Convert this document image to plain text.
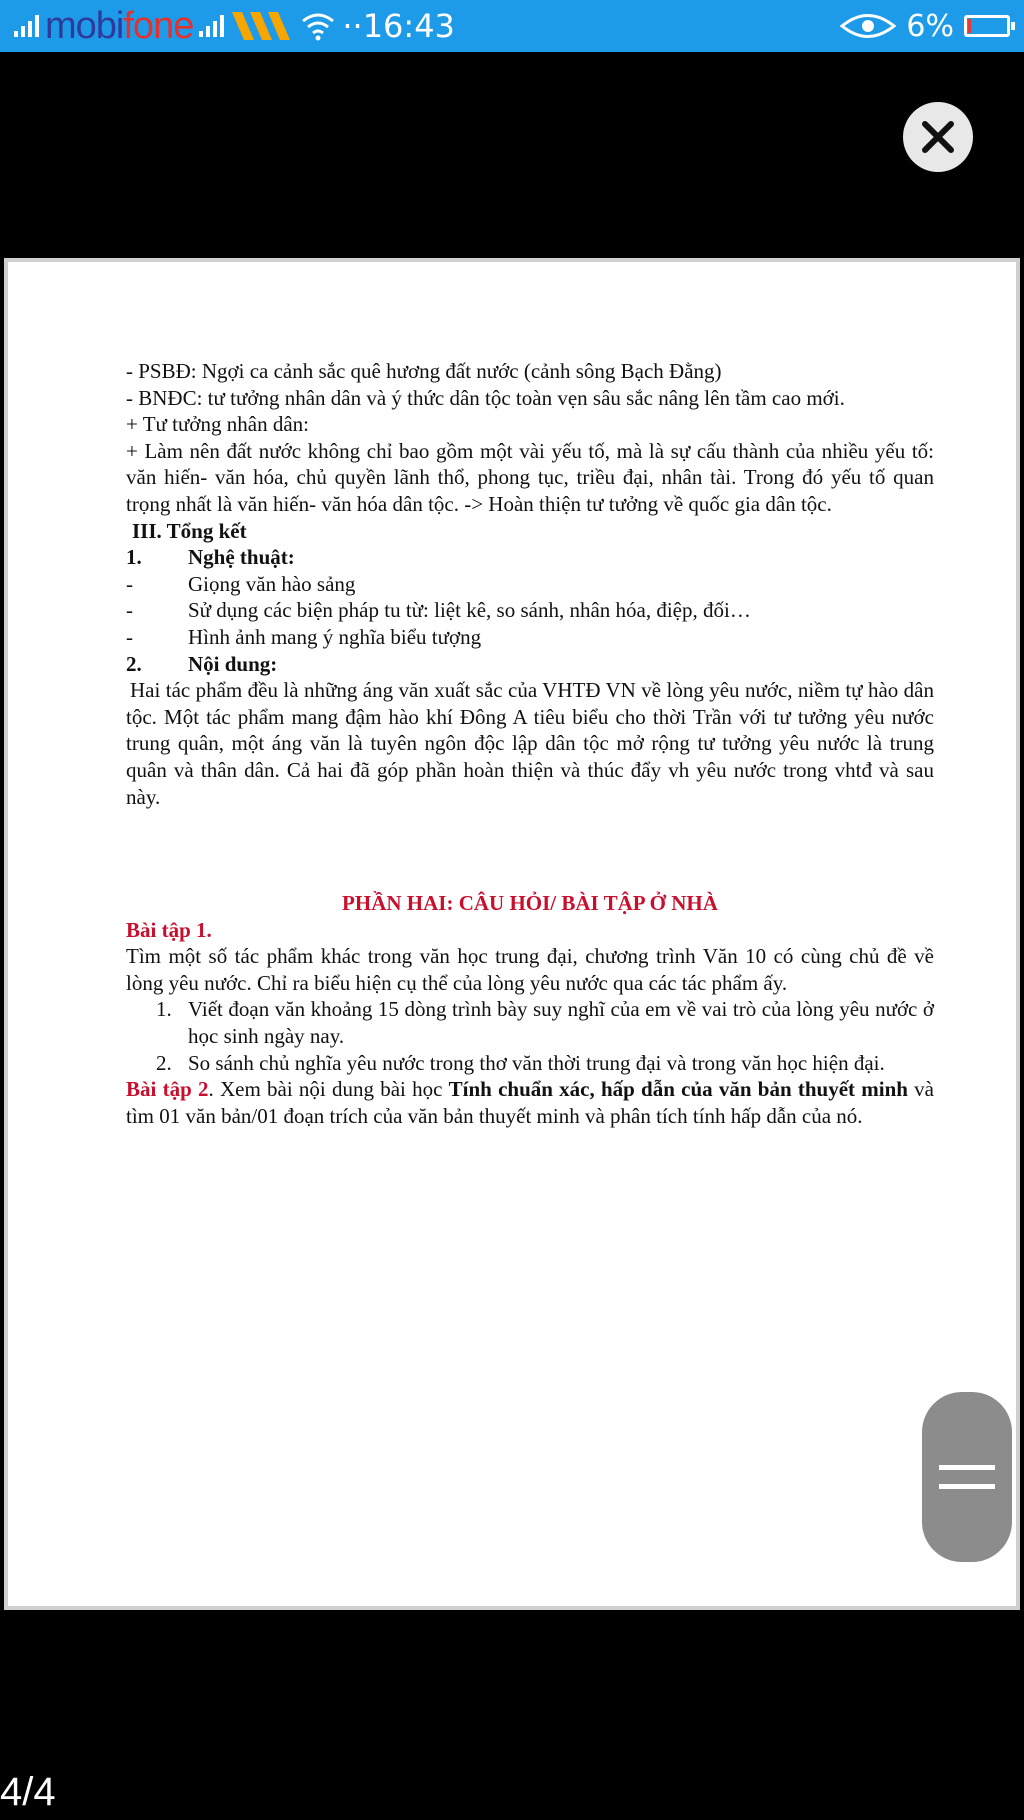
mobifone	··16:43	6%

- PSBĐ: Ngợi ca cảnh sắc quê hương đất nước (cảnh sông Bạch Đằng)

- BNĐC: tư tưởng nhân dân và ý thức dân tộc toàn vẹn sâu sắc nâng lên tầm cao mới.

+ Tư tưởng nhân dân:

+ Làm nên đất nước không chỉ bao gồm một vài yếu tố, mà là sự cấu thành của nhiều yếu tố: văn hiến- văn hóa, chủ quyền lãnh thổ, phong tục, triều đại, nhân tài. Trong đó yếu tố quan trọng nhất là văn hiến- văn hóa dân tộc. -> Hoàn thiện tư tưởng về quốc gia dân tộc.

III. Tổng kết

1.	Nghệ thuật:
-	Giọng văn hào sảng
-	Sử dụng các biện pháp tu từ: liệt kê, so sánh, nhân hóa, điệp, đối…
-	Hình ảnh mang ý nghĩa biểu tượng
2.	Nội dung:

Hai tác phẩm đều là những áng văn xuất sắc của VHTĐ VN về lòng yêu nước, niềm tự hào dân tộc. Một tác phẩm mang đậm hào khí Đông A tiêu biểu cho thời Trần với tư tưởng yêu nước trung quân, một áng văn là tuyên ngôn độc lập dân tộc mở rộng tư tưởng yêu nước là trung quân và thân dân. Cả hai đã góp phần hoàn thiện và thúc đẩy vh yêu nước trong vhtđ và sau này.

PHẦN HAI: CÂU HỎI/ BÀI TẬP Ở NHÀ

Bài tập 1.

Tìm một số tác phẩm khác trong văn học trung đại, chương trình Văn 10 có cùng chủ đề về lòng yêu nước. Chỉ ra biểu hiện cụ thể của lòng yêu nước qua các tác phẩm ấy.

1. Viết đoạn văn khoảng 15 dòng trình bày suy nghĩ của em về vai trò của lòng yêu nước ở học sinh ngày nay.
2. So sánh chủ nghĩa yêu nước trong thơ văn thời trung đại và trong văn học hiện đại.

Bài tập 2. Xem bài nội dung bài học Tính chuẩn xác, hấp dẫn của văn bản thuyết minh và tìm 01 văn bản/01 đoạn trích của văn bản thuyết minh và phân tích tính hấp dẫn của nó.

4/4
